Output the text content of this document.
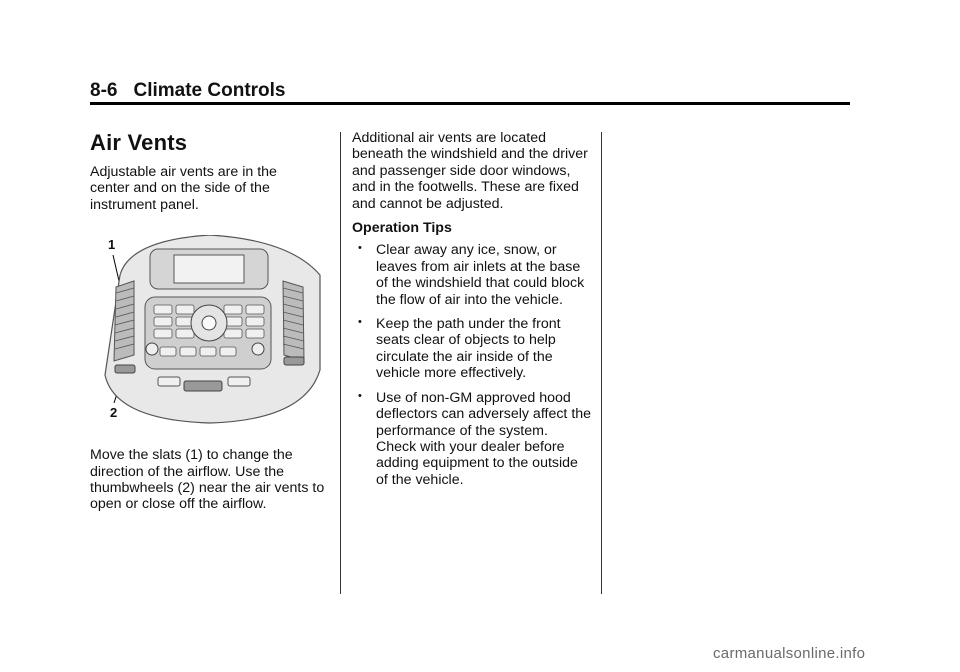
8-6 Climate Controls
Air Vents

Adjustable air vents are in the center and on the side of the instrument panel.

1
2

Move the slats (1) to change the direction of the airflow. Use the thumbwheels (2) near the air vents to open or close off the airflow.

Additional air vents are located beneath the windshield and the driver and passenger side door windows, and in the footwells. These are fixed and cannot be adjusted.

Operation Tips
• Clear away any ice, snow, or leaves from air inlets at the base of the windshield that could block the flow of air into the vehicle.
• Keep the path under the front seats clear of objects to help circulate the air inside of the vehicle more effectively.
• Use of non-GM approved hood deflectors can adversely affect the performance of the system. Check with your dealer before adding equipment to the outside of the vehicle.
carmanualsonline.info
